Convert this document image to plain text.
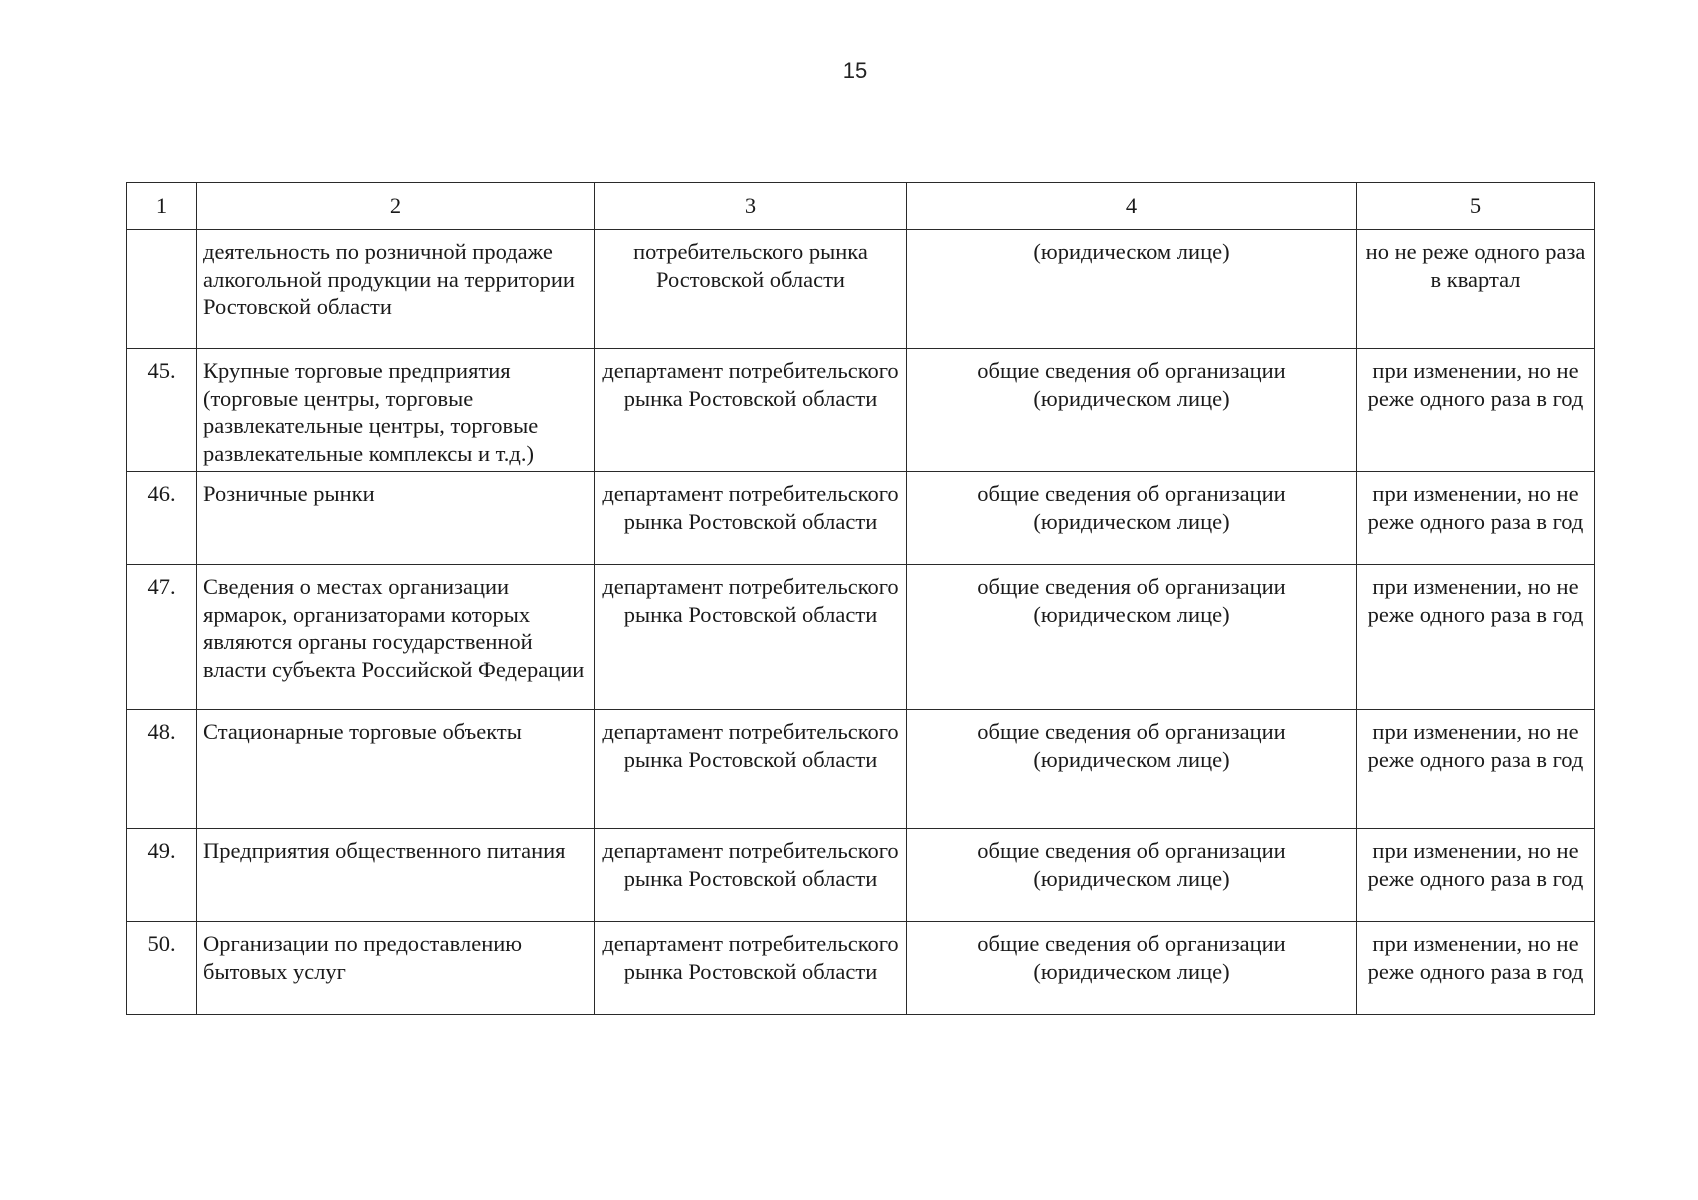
15
1	2	3	4	5
	деятельность по розничной продаже алкогольной продукции на территории Ростовской области	потребительского рынка Ростовской области	(юридическом лице)	но не реже одного раза в квартал
45.	Крупные торговые предприятия (торговые центры, торговые развлекательные центры, торговые развлекательные комплексы и т.д.)	департамент потребительского рынка Ростовской области	общие сведения об организации (юридическом лице)	при изменении, но не реже одного раза в год
46.	Розничные рынки	департамент потребительского рынка Ростовской области	общие сведения об организации (юридическом лице)	при изменении, но не реже одного раза в год
47.	Сведения о местах организации ярмарок, организаторами которых являются органы государственной власти субъекта Российской Федерации	департамент потребительского рынка Ростовской области	общие сведения об организации (юридическом лице)	при изменении, но не реже одного раза в год
48.	Стационарные торговые объекты	департамент потребительского рынка Ростовской области	общие сведения об организации (юридическом лице)	при изменении, но не реже одного раза в год
49.	Предприятия общественного питания	департамент потребительского рынка Ростовской области	общие сведения об организации (юридическом лице)	при изменении, но не реже одного раза в год
50.	Организации по предоставлению бытовых услуг	департамент потребительского рынка Ростовской области	общие сведения об организации (юридическом лице)	при изменении, но не реже одного раза в год
